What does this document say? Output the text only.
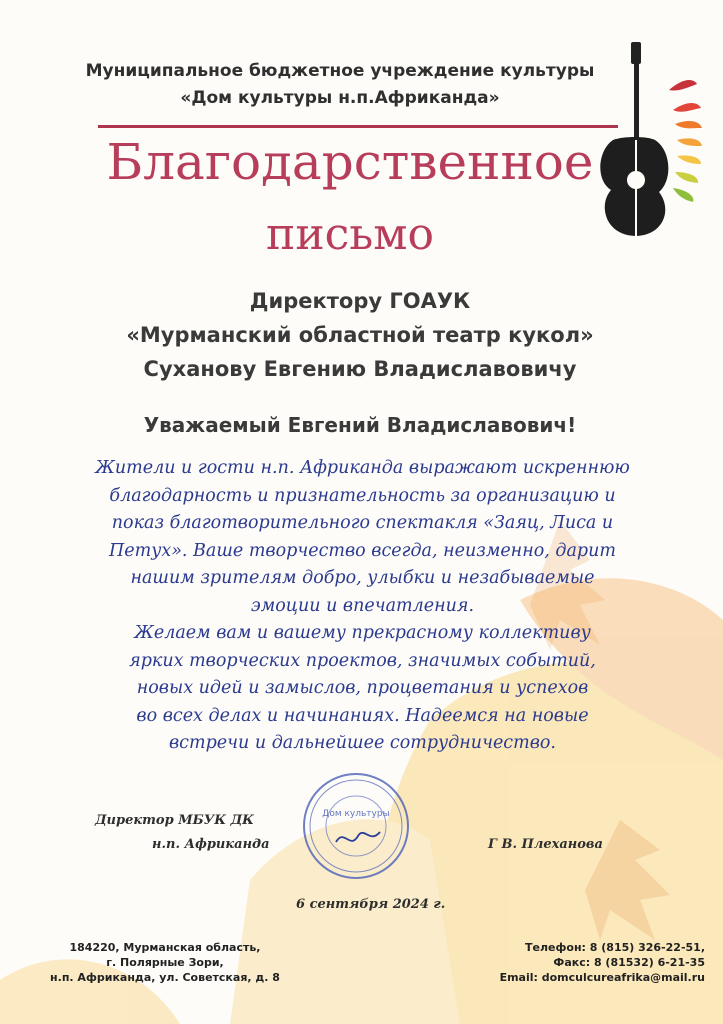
Муниципальное бюджетное учреждение культуры
«Дом культуры н.п.Африканда»
Благодарственное
письмо
Директору ГОАУК
«Мурманский областной театр кукол»
Суханову Евгению Владиславовичу
Уважаемый Евгений Владиславович!

Жители и гости н.п. Африканда выражают искреннюю
благодарность и признательность за организацию и
показ благотворительного спектакля «Заяц, Лиса и
Петух». Ваше творчество всегда, неизменно, дарит
нашим зрителям добро, улыбки и незабываемые
эмоции и впечатления.

Желаем вам и вашему прекрасному коллективу
ярких творческих проектов, значимых событий,
новых идей и замыслов, процветания и успехов
во всех делах и начинаниях. Надеемся на новые
встречи и дальнейшее сотрудничество.

Дом культуры
Директор МБУК ДК
н.п. Африканда	Г В. Плеханова
6 сентября 2024 г.
184220, Мурманская область,
г. Полярные Зори,
н.п. Африканда, ул. Советская, д. 8
Телефон: 8 (815) 326-22-51,
Факс: 8 (81532) 6-21-35
Email: domculcureafrika@mail.ru
